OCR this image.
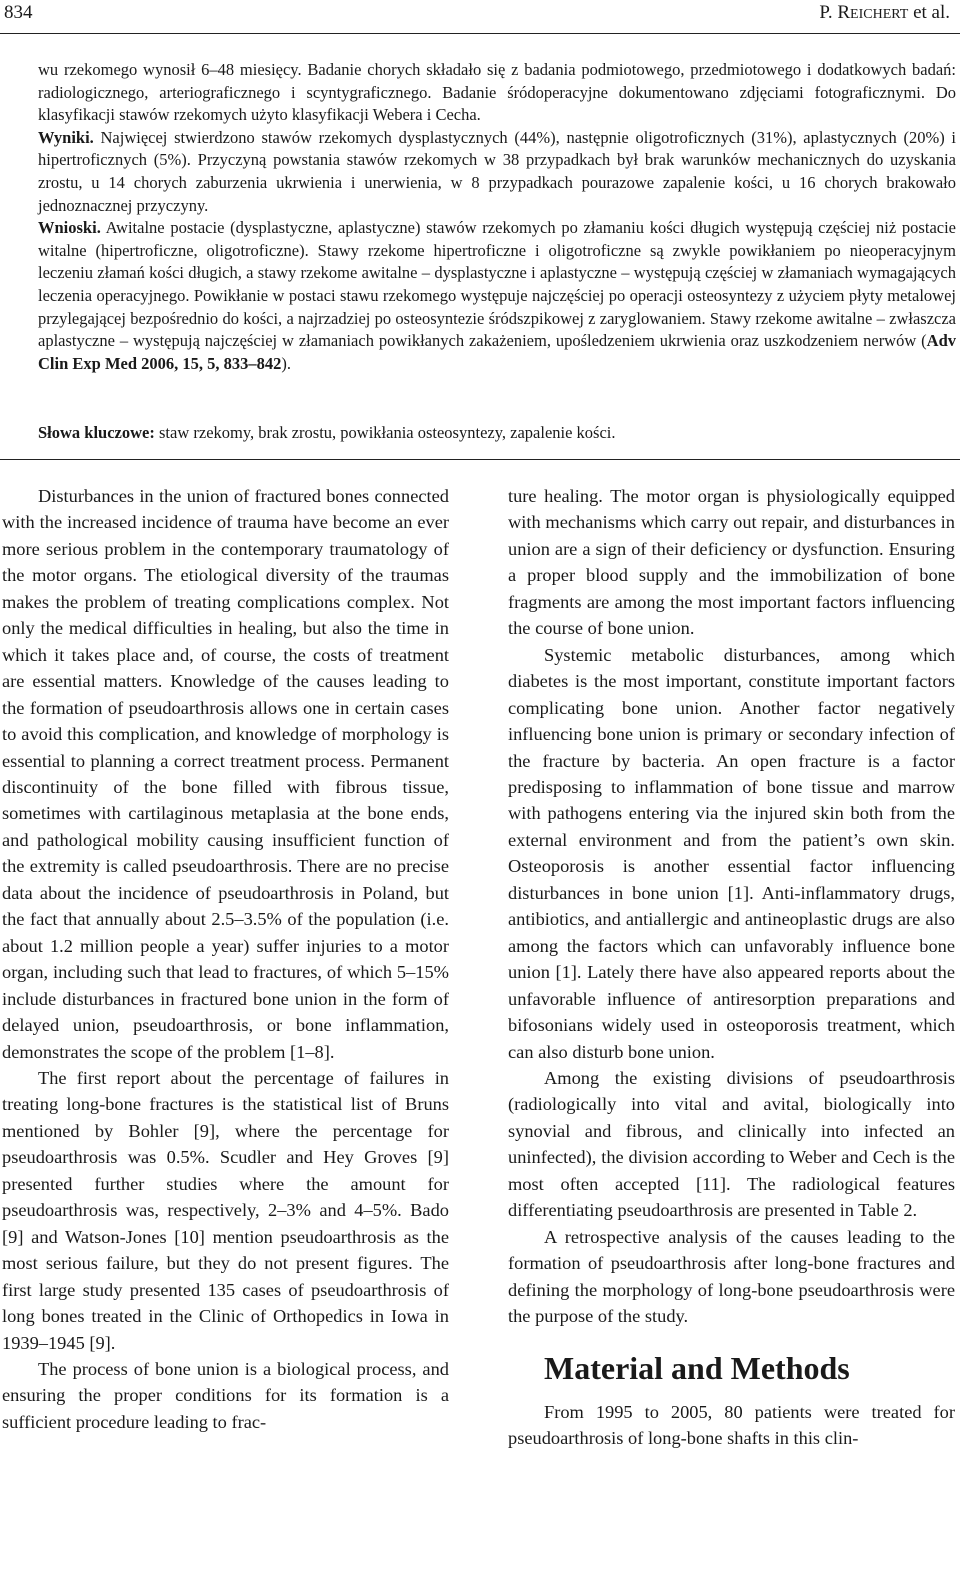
834	P. REICHERT et al.

wu rzekomego wynosił 6–48 miesięcy. Badanie chorych składało się z badania podmiotowego, przedmiotowego i dodatkowych badań: radiologicznego, arteriograficznego i scyntygraficznego. Badanie śródoperacyjne dokumentowano zdjęciami fotograficznymi. Do klasyfikacji stawów rzekomych użyto klasyfikacji Webera i Cecha.

Wyniki. Najwięcej stwierdzono stawów rzekomych dysplastycznych (44%), następnie oligotroficznych (31%), aplastycznych (20%) i hipertroficznych (5%). Przyczyną powstania stawów rzekomych w 38 przypadkach był brak warunków mechanicznych do uzyskania zrostu, u 14 chorych zaburzenia ukrwienia i unerwienia, w 8 przypadkach pourazowe zapalenie kości, u 16 chorych brakowało jednoznacznej przyczyny.

Wnioski. Awitalne postacie (dysplastyczne, aplastyczne) stawów rzekomych po złamaniu kości długich występują częściej niż postacie witalne (hipertroficzne, oligotroficzne). Stawy rzekome hipertroficzne i oligotroficzne są zwykle powikłaniem po nieoperacyjnym leczeniu złamań kości długich, a stawy rzekome awitalne – dysplastyczne i aplastyczne – występują częściej w złamaniach wymagających leczenia operacyjnego. Powikłanie w postaci stawu rzekomego występuje najczęściej po operacji osteosyntezy z użyciem płyty metalowej przylegającej bezpośrednio do kości, a najrzadziej po osteosyntezie śródszpikowej z zaryglowaniem. Stawy rzekome awitalne – zwłaszcza aplastyczne – występują najczęściej w złamaniach powikłanych zakażeniem, upośledzeniem ukrwienia oraz uszkodzeniem nerwów (Adv Clin Exp Med 2006, 15, 5, 833–842).

Słowa kluczowe: staw rzekomy, brak zrostu, powikłania osteosyntezy, zapalenie kości.

Disturbances in the union of fractured bones connected with the increased incidence of trauma have become an ever more serious problem in the contemporary traumatology of the motor organs. The etiological diversity of the traumas makes the problem of treating complications complex. Not only the medical difficulties in healing, but also the time in which it takes place and, of course, the costs of treatment are essential matters. Knowledge of the causes leading to the formation of pseudoarthrosis allows one in certain cases to avoid this complication, and knowledge of morphology is essential to planning a correct treatment process. Permanent discontinuity of the bone filled with fibrous tissue, sometimes with cartilaginous metaplasia at the bone ends, and pathological mobility causing insufficient function of the extremity is called pseudoarthrosis. There are no precise data about the incidence of pseudoarthrosis in Poland, but the fact that annually about 2.5–3.5% of the population (i.e. about 1.2 million people a year) suffer injuries to a motor organ, including such that lead to fractures, of which 5–15% include disturbances in fractured bone union in the form of delayed union, pseudoarthrosis, or bone inflammation, demonstrates the scope of the problem [1–8].

The first report about the percentage of failures in treating long-bone fractures is the statistical list of Bruns mentioned by Bohler [9], where the percentage for pseudoarthrosis was 0.5%. Scudler and Hey Groves [9] presented further studies where the amount for pseudoarthrosis was, respectively, 2–3% and 4–5%. Bado [9] and Watson-Jones [10] mention pseudoarthrosis as the most serious failure, but they do not present figures. The first large study presented 135 cases of pseudoarthrosis of long bones treated in the Clinic of Orthopedics in Iowa in 1939–1945 [9].

The process of bone union is a biological process, and ensuring the proper conditions for its formation is a sufficient procedure leading to frac-

ture healing. The motor organ is physiologically equipped with mechanisms which carry out repair, and disturbances in union are a sign of their deficiency or dysfunction. Ensuring a proper blood supply and the immobilization of bone fragments are among the most important factors influencing the course of bone union.

Systemic metabolic disturbances, among which diabetes is the most important, constitute important factors complicating bone union. Another factor negatively influencing bone union is primary or secondary infection of the fracture by bacteria. An open fracture is a factor predisposing to inflammation of bone tissue and marrow with pathogens entering via the injured skin both from the external environment and from the patient’s own skin. Osteoporosis is another essential factor influencing disturbances in bone union [1]. Anti-inflammatory drugs, antibiotics, and antiallergic and antineoplastic drugs are also among the factors which can unfavorably influence bone union [1]. Lately there have also appeared reports about the unfavorable influence of antiresorption preparations and bifosonians widely used in osteoporosis treatment, which can also disturb bone union.

Among the existing divisions of pseudoarthrosis (radiologically into vital and avital, biologically into synovial and fibrous, and clinically into infected an uninfected), the division according to Weber and Cech is the most often accepted [11]. The radiological features differentiating pseudoarthrosis are presented in Table 2.

A retrospective analysis of the causes leading to the formation of pseudoarthrosis after long-bone fractures and defining the morphology of long-bone pseudoarthrosis were the purpose of the study.

Material and Methods

From 1995 to 2005, 80 patients were treated for pseudoarthrosis of long-bone shafts in this clin-
